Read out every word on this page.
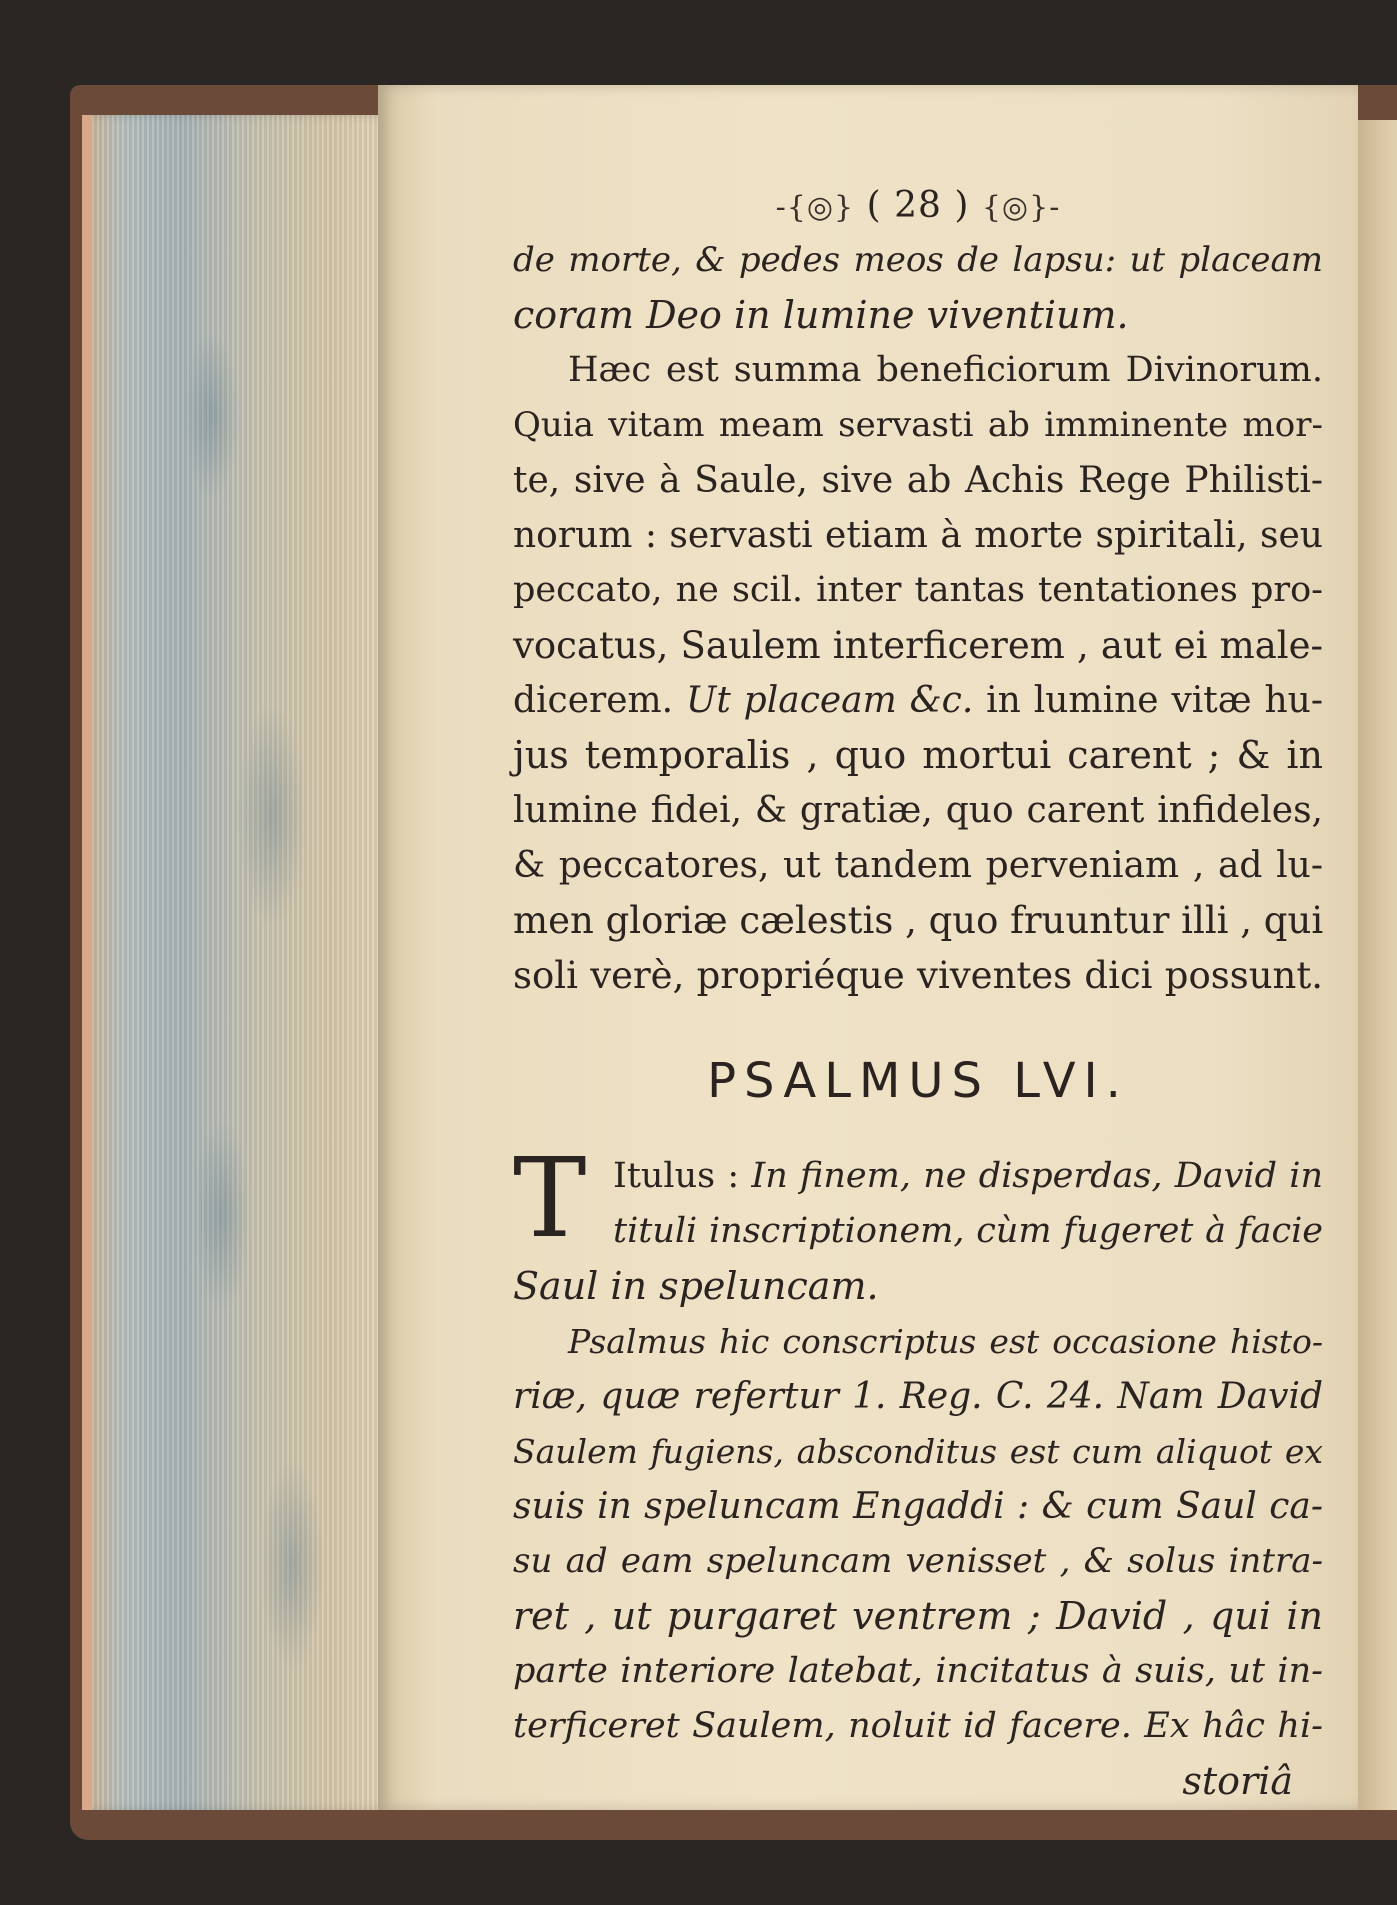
-{◎} ( 28 ) {◎}-
de morte, & pedes meos de lapsu: ut placeam
coram Deo in lumine viventium.
Hæc est summa beneficiorum Divinorum.
Quia vitam meam servasti ab imminente mor-
te, sive à Saule, sive ab Achis Rege Philisti-
norum : servasti etiam à morte spiritali, seu
peccato, ne scil. inter tantas tentationes pro-
vocatus, Saulem interficerem , aut ei male-
dicerem. Ut placeam &c. in lumine vitæ hu-
jus temporalis , quo mortui carent ; & in
lumine fidei, & gratiæ, quo carent infideles,
& peccatores, ut tandem perveniam , ad lu-
men gloriæ cælestis , quo fruuntur illi , qui
soli verè, propriéque viventes dici possunt.
PSALMUS LVI.
T Itulus : In finem, ne disperdas, David in
tituli inscriptionem, cùm fugeret à facie
Saul in speluncam.
Psalmus hic conscriptus est occasione histo-
riæ, quæ refertur 1. Reg. C. 24. Nam David
Saulem fugiens, absconditus est cum aliquot ex
suis in speluncam Engaddi : & cum Saul ca-
su ad eam speluncam venisset , & solus intra-
ret , ut purgaret ventrem ; David , qui in
parte interiore latebat, incitatus à suis, ut in-
terficeret Saulem, noluit id facere. Ex hâc hi-
storiâ
